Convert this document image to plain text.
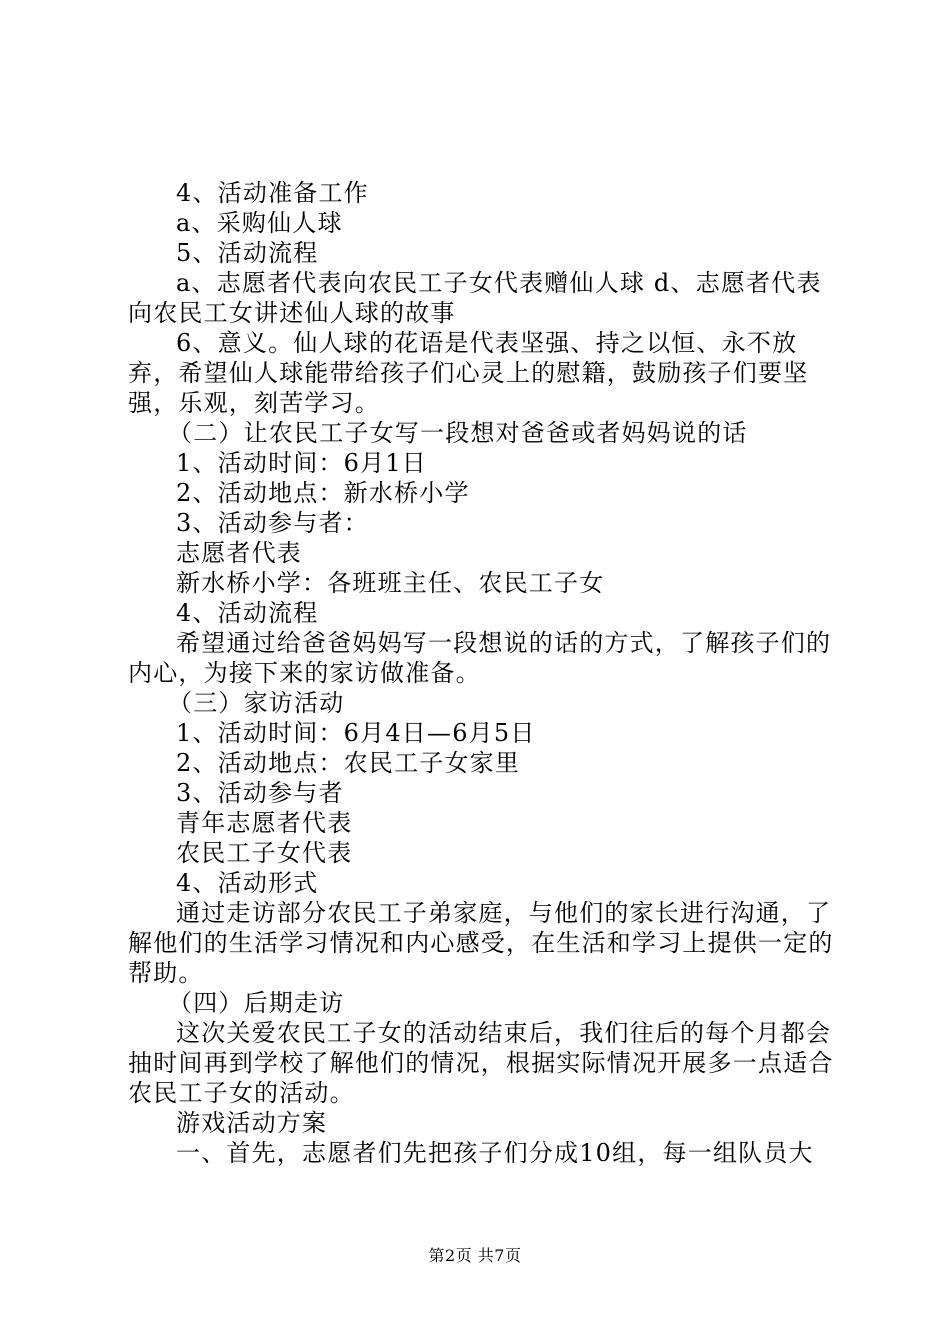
4、活动准备工作

a、采购仙人球

5、活动流程

a、志愿者代表向农民工子女代表赠仙人球 d、志愿者代表向农民工女讲述仙人球的故事

6、意义。仙人球的花语是代表坚强、持之以恒、永不放弃，希望仙人球能带给孩子们心灵上的慰籍，鼓励孩子们要坚强，乐观，刻苦学习。

（二）让农民工子女写一段想对爸爸或者妈妈说的话

1、活动时间：6月1日

2、活动地点：新水桥小学

3、活动参与者：

志愿者代表

新水桥小学：各班班主任、农民工子女

4、活动流程

希望通过给爸爸妈妈写一段想说的话的方式，了解孩子们的内心，为接下来的家访做准备。

（三）家访活动

1、活动时间：6月4日—6月5日

2、活动地点：农民工子女家里

3、活动参与者

青年志愿者代表

农民工子女代表

4、活动形式

通过走访部分农民工子弟家庭，与他们的家长进行沟通，了解他们的生活学习情况和内心感受，在生活和学习上提供一定的帮助。

（四）后期走访

这次关爱农民工子女的活动结束后，我们往后的每个月都会抽时间再到学校了解他们的情况，根据实际情况开展多一点适合农民工子女的活动。

游戏活动方案

一、首先，志愿者们先把孩子们分成10组，每一组队员大

第2页 共7页
